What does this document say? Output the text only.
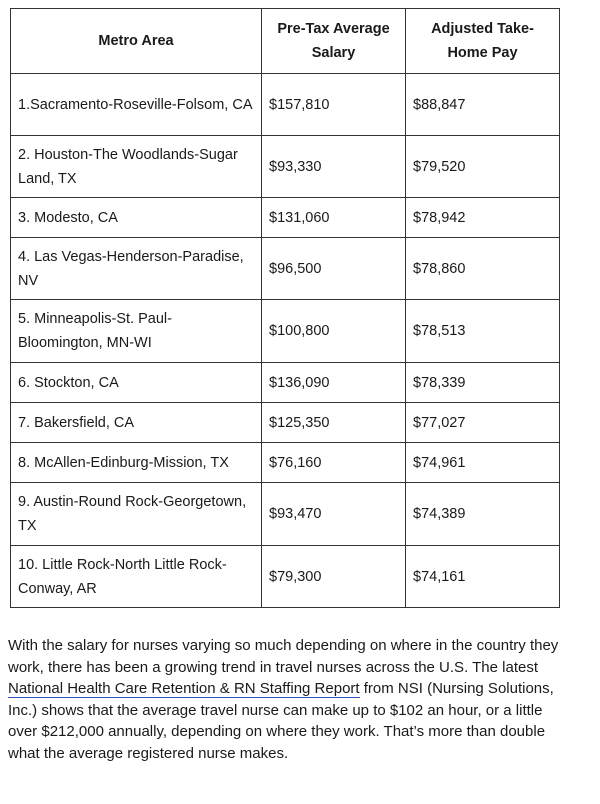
Metro Area	Pre-Tax Average Salary	Adjusted Take-Home Pay
1.Sacramento-Roseville-Folsom, CA	$157,810	$88,847
2. Houston-The Woodlands-Sugar Land, TX	$93,330	$79,520
3. Modesto, CA	$131,060	$78,942
4. Las Vegas-Henderson-Paradise, NV	$96,500	$78,860
5. Minneapolis-St. Paul-Bloomington, MN-WI	$100,800	$78,513
6. Stockton, CA	$136,090	$78,339
7. Bakersfield, CA	$125,350	$77,027
8. McAllen-Edinburg-Mission, TX	$76,160	$74,961
9. Austin-Round Rock-Georgetown, TX	$93,470	$74,389
10. Little Rock-North Little Rock-Conway, AR	$79,300	$74,161

With the salary for nurses varying so much depending on where in the country they work, there has been a growing trend in travel nurses across the U.S. The latest National Health Care Retention & RN Staffing Report from NSI (Nursing Solutions, Inc.) shows that the average travel nurse can make up to $102 an hour, or a little over $212,000 annually, depending on where they work. That’s more than double what the average registered nurse makes.
